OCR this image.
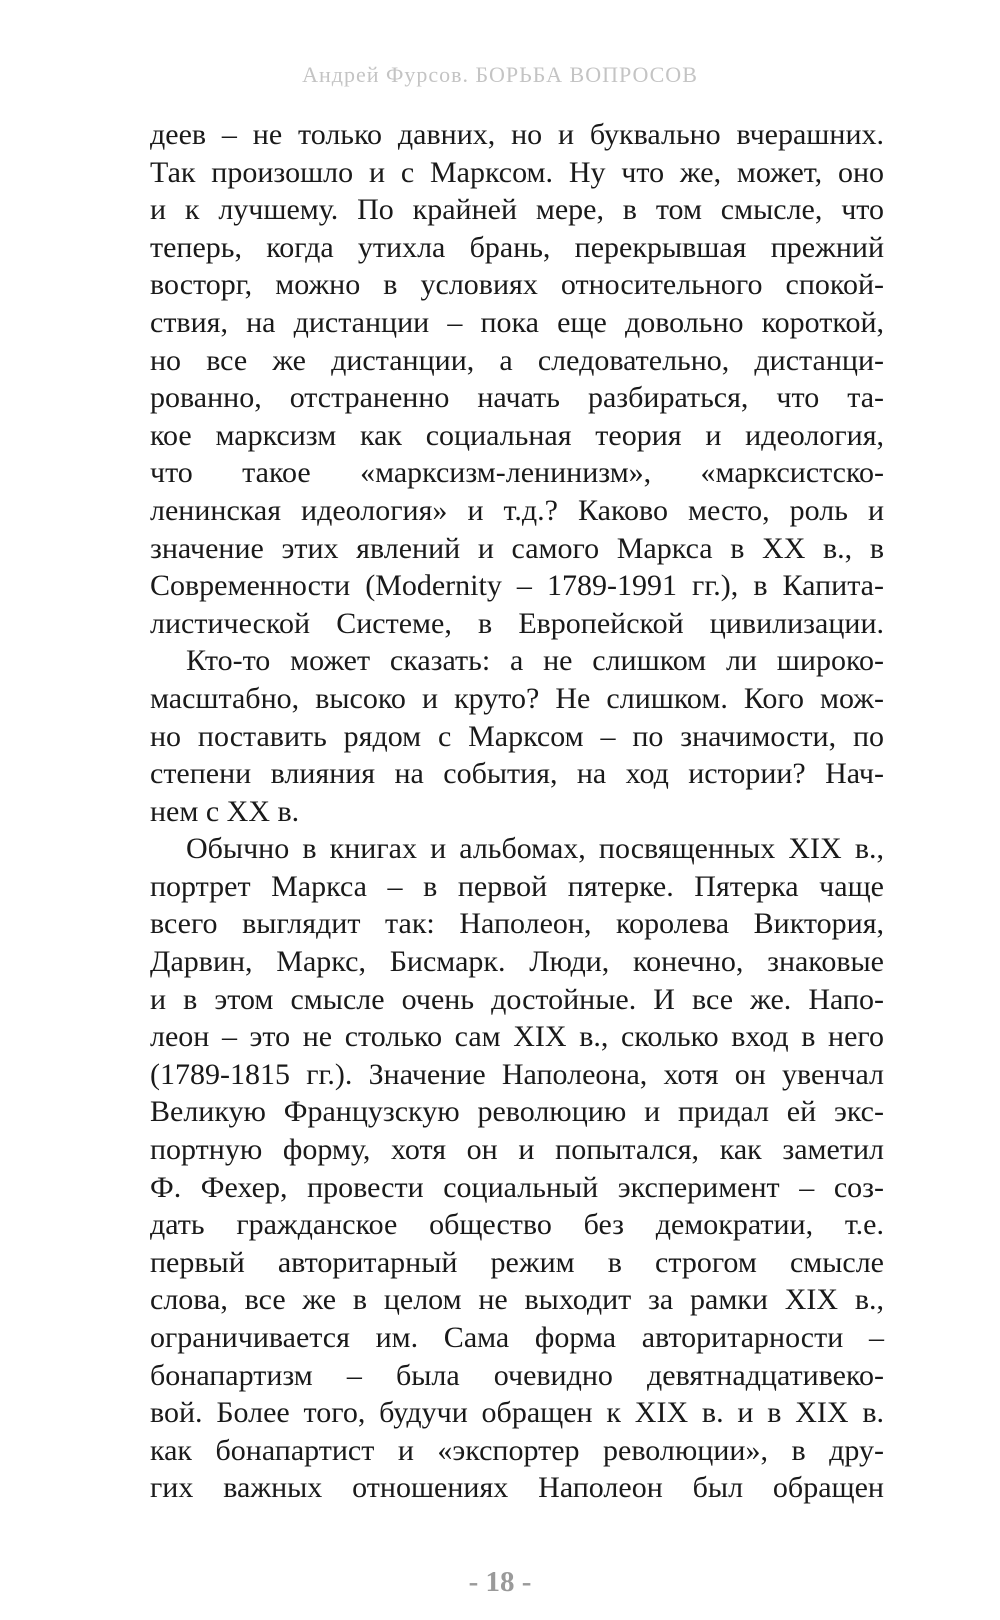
Андрей Фурсов. БОРЬБА ВОПРОСОВ

деев – не только давних, но и буквально вчерашних.
Так произошло и с Марксом. Ну что же, может, оно
и к лучшему. По крайней мере, в том смысле, что
теперь, когда утихла брань, перекрывшая прежний
восторг, можно в условиях относительного спокой-
ствия, на дистанции – пока еще довольно короткой,
но все же дистанции, а следовательно, дистанци-
рованно, отстраненно начать разбираться, что та-
кое марксизм как социальная теория и идеология,
что такое «марксизм-ленинизм», «марксистско-
ленинская идеология» и т.д.? Каково место, роль и
значение этих явлений и самого Маркса в XX в., в
Современности (Modernity – 1789-1991 гг.), в Капита-
листической Системе, в Европейской цивилизации.

Кто-то может сказать: а не слишком ли широко-
масштабно, высоко и круто? Не слишком. Кого мож-
но поставить рядом с Марксом – по значимости, по
степени влияния на события, на ход истории? Нач-
нем с XX в.

Обычно в книгах и альбомах, посвященных XIX в.,
портрет Маркса – в первой пятерке. Пятерка чаще
всего выглядит так: Наполеон, королева Виктория,
Дарвин, Маркс, Бисмарк. Люди, конечно, знаковые
и в этом смысле очень достойные. И все же. Напо-
леон – это не столько сам XIX в., сколько вход в него
(1789-1815 гг.). Значение Наполеона, хотя он увенчал
Великую Французскую революцию и придал ей экс-
портную форму, хотя он и попытался, как заметил
Ф. Фехер, провести социальный эксперимент – соз-
дать гражданское общество без демократии, т.е.
первый авторитарный режим в строгом смысле
слова, все же в целом не выходит за рамки XIX в.,
ограничивается им. Сама форма авторитарности –
бонапартизм – была очевидно девятнадцативеко-
вой. Более того, будучи обращен к XIX в. и в XIX в.
как бонапартист и «экспортер революции», в дру-
гих важных отношениях Наполеон был обращен

- 18 -
